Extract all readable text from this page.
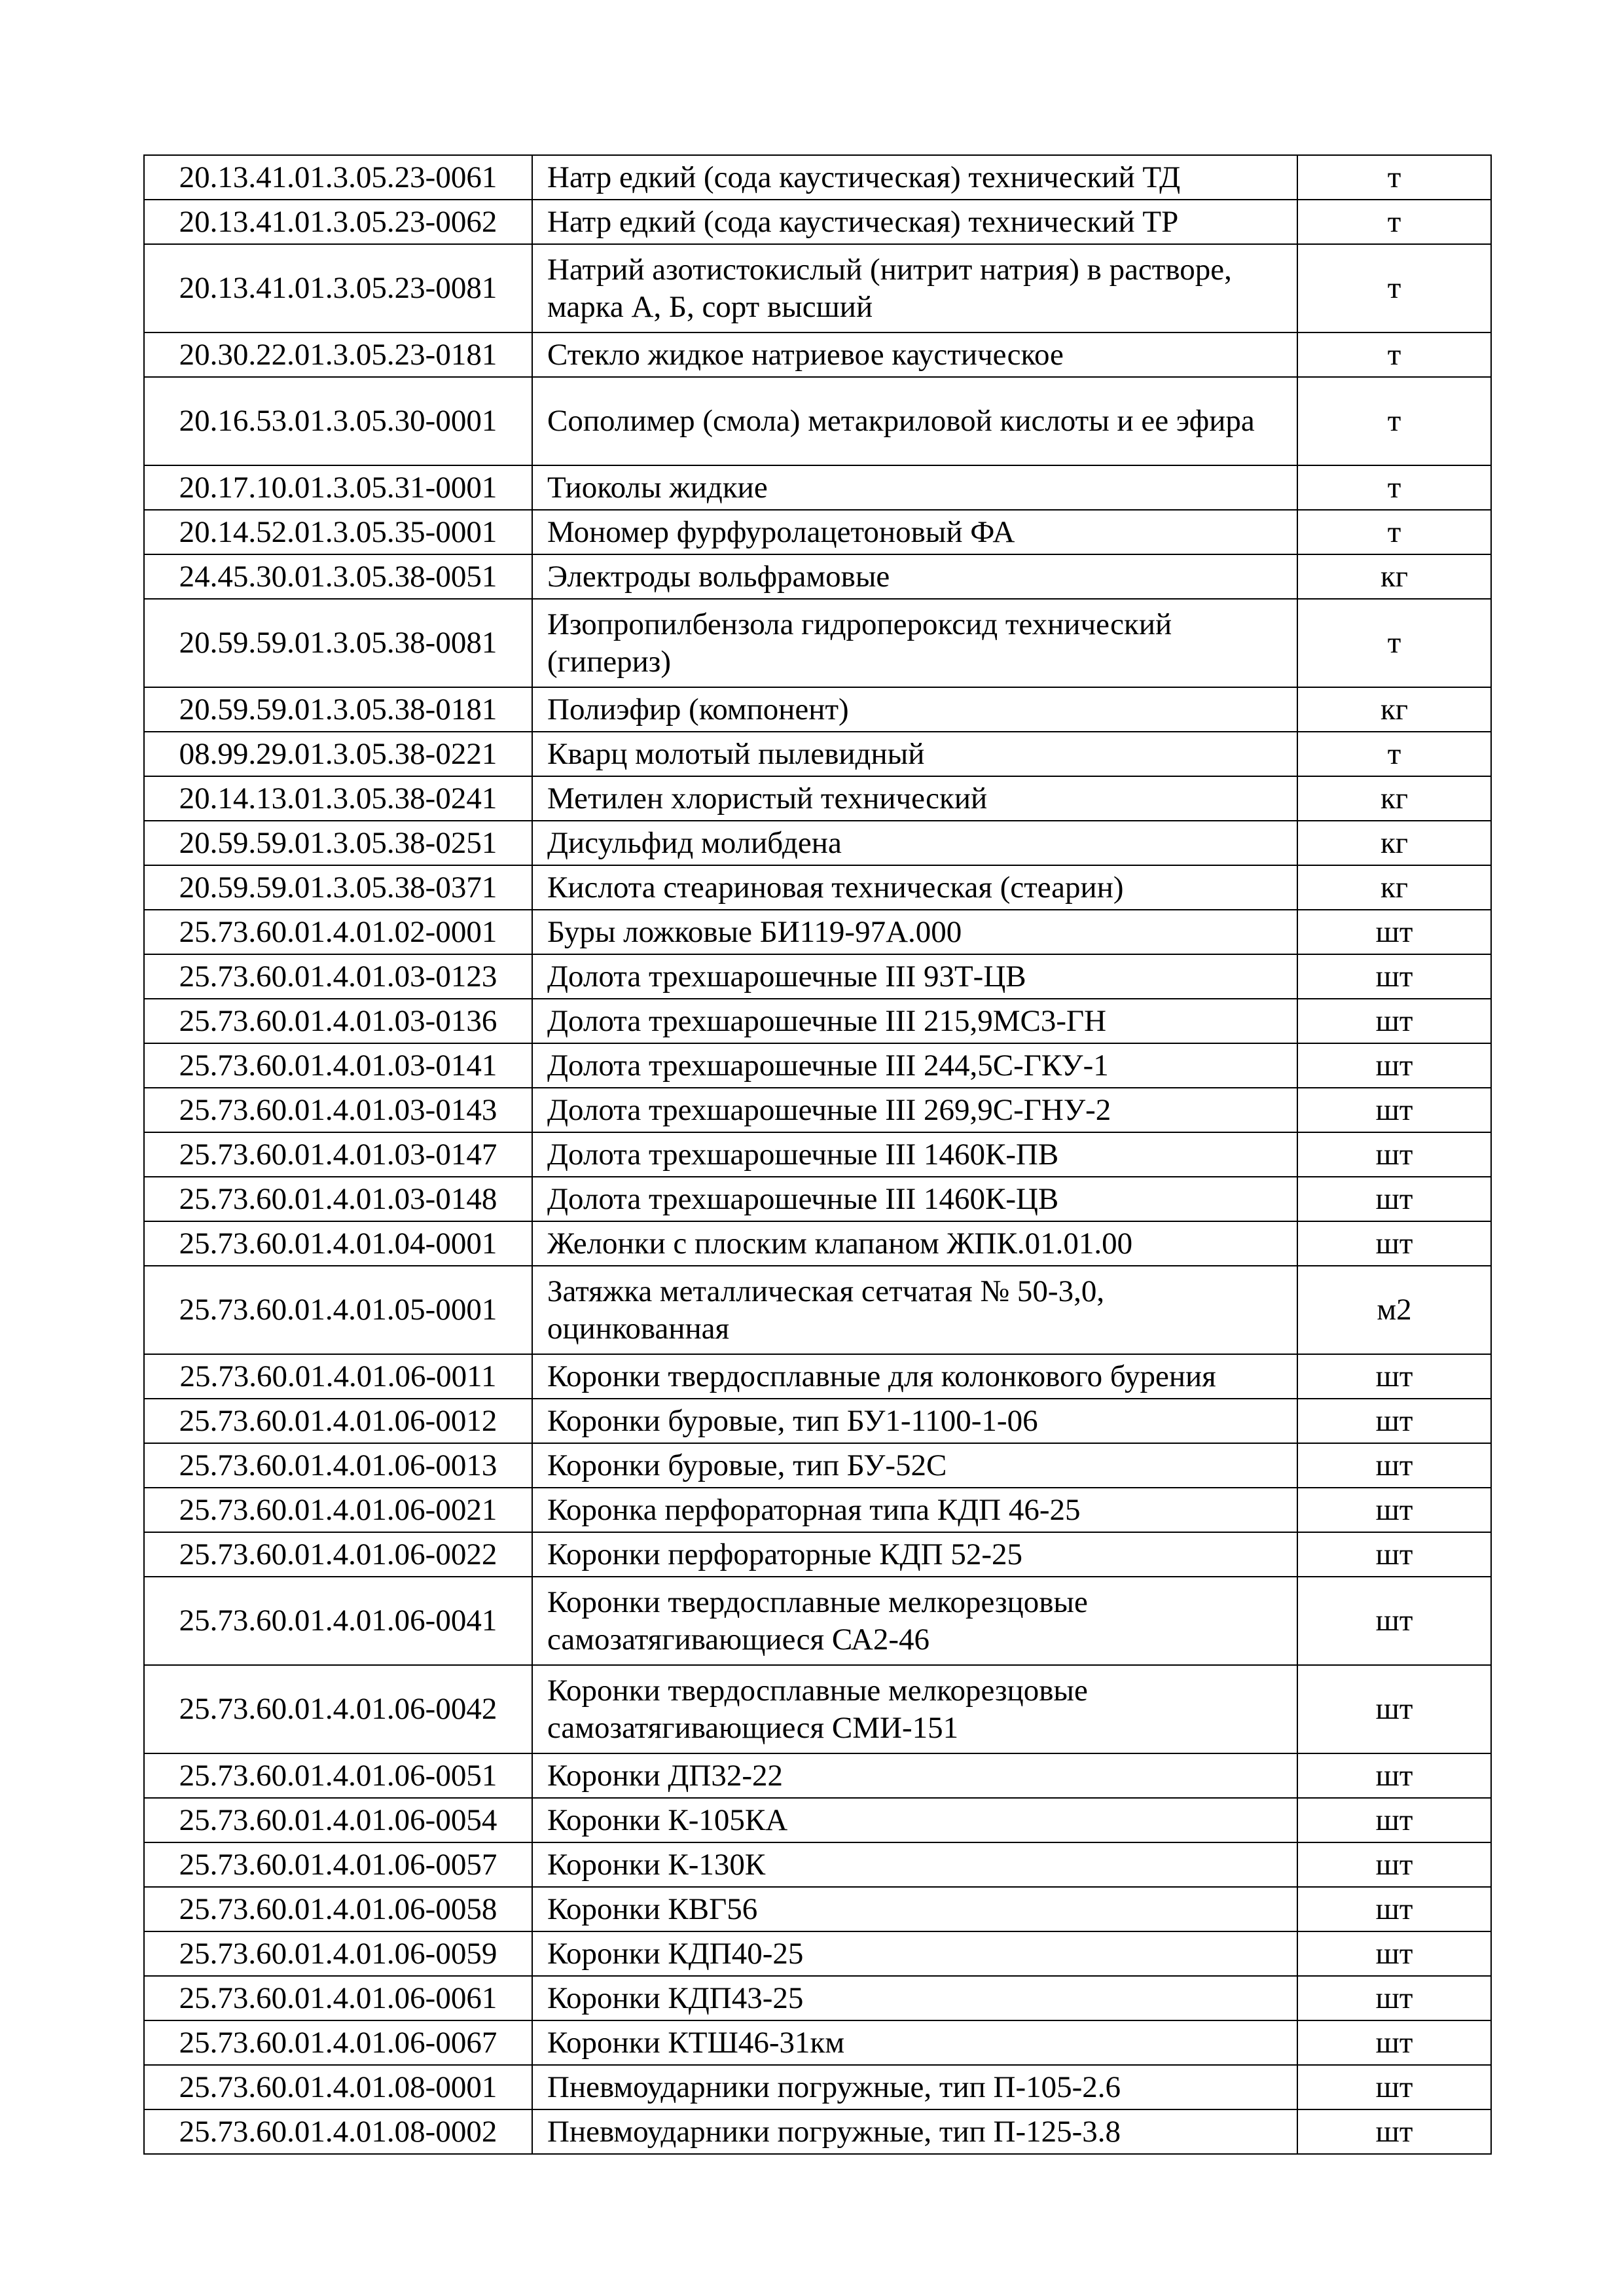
20.13.41.01.3.05.23-0061	Натр едкий (сода каустическая) технический ТД	т
20.13.41.01.3.05.23-0062	Натр едкий (сода каустическая) технический ТР	т
20.13.41.01.3.05.23-0081	Натрий азотистокислый (нитрит натрия) в растворе, марка А, Б, сорт высший	т
20.30.22.01.3.05.23-0181	Стекло жидкое натриевое каустическое	т
20.16.53.01.3.05.30-0001	Сополимер (смола) метакриловой кислоты и ее эфира	т
20.17.10.01.3.05.31-0001	Тиоколы жидкие	т
20.14.52.01.3.05.35-0001	Мономер фурфуролацетоновый ФА	т
24.45.30.01.3.05.38-0051	Электроды вольфрамовые	кг
20.59.59.01.3.05.38-0081	Изопропилбензола гидропероксид технический (гипериз)	т
20.59.59.01.3.05.38-0181	Полиэфир (компонент)	кг
08.99.29.01.3.05.38-0221	Кварц молотый пылевидный	т
20.14.13.01.3.05.38-0241	Метилен хлористый технический	кг
20.59.59.01.3.05.38-0251	Дисульфид молибдена	кг
20.59.59.01.3.05.38-0371	Кислота стеариновая техническая (стеарин)	кг
25.73.60.01.4.01.02-0001	Буры ложковые БИ119-97А.000	шт
25.73.60.01.4.01.03-0123	Долота трехшарошечные III 93Т-ЦВ	шт
25.73.60.01.4.01.03-0136	Долота трехшарошечные III 215,9МС3-ГН	шт
25.73.60.01.4.01.03-0141	Долота трехшарошечные III 244,5С-ГКУ-1	шт
25.73.60.01.4.01.03-0143	Долота трехшарошечные III 269,9С-ГНУ-2	шт
25.73.60.01.4.01.03-0147	Долота трехшарошечные III 1460К-ПВ	шт
25.73.60.01.4.01.03-0148	Долота трехшарошечные III 1460К-ЦВ	шт
25.73.60.01.4.01.04-0001	Желонки с плоским клапаном ЖПК.01.01.00	шт
25.73.60.01.4.01.05-0001	Затяжка металлическая сетчатая № 50-3,0, оцинкованная	м2
25.73.60.01.4.01.06-0011	Коронки твердосплавные для колонкового бурения	шт
25.73.60.01.4.01.06-0012	Коронки буровые, тип БУ1-1100-1-06	шт
25.73.60.01.4.01.06-0013	Коронки буровые, тип БУ-52С	шт
25.73.60.01.4.01.06-0021	Коронка перфораторная типа КДП 46-25	шт
25.73.60.01.4.01.06-0022	Коронки перфораторные КДП 52-25	шт
25.73.60.01.4.01.06-0041	Коронки твердосплавные мелкорезцовые самозатягивающиеся СА2-46	шт
25.73.60.01.4.01.06-0042	Коронки твердосплавные мелкорезцовые самозатягивающиеся СМИ-151	шт
25.73.60.01.4.01.06-0051	Коронки ДП32-22	шт
25.73.60.01.4.01.06-0054	Коронки К-105КА	шт
25.73.60.01.4.01.06-0057	Коронки К-130К	шт
25.73.60.01.4.01.06-0058	Коронки КВГ56	шт
25.73.60.01.4.01.06-0059	Коронки КДП40-25	шт
25.73.60.01.4.01.06-0061	Коронки КДП43-25	шт
25.73.60.01.4.01.06-0067	Коронки КТШ46-31км	шт
25.73.60.01.4.01.08-0001	Пневмоударники погружные, тип П-105-2.6	шт
25.73.60.01.4.01.08-0002	Пневмоударники погружные, тип П-125-3.8	шт
